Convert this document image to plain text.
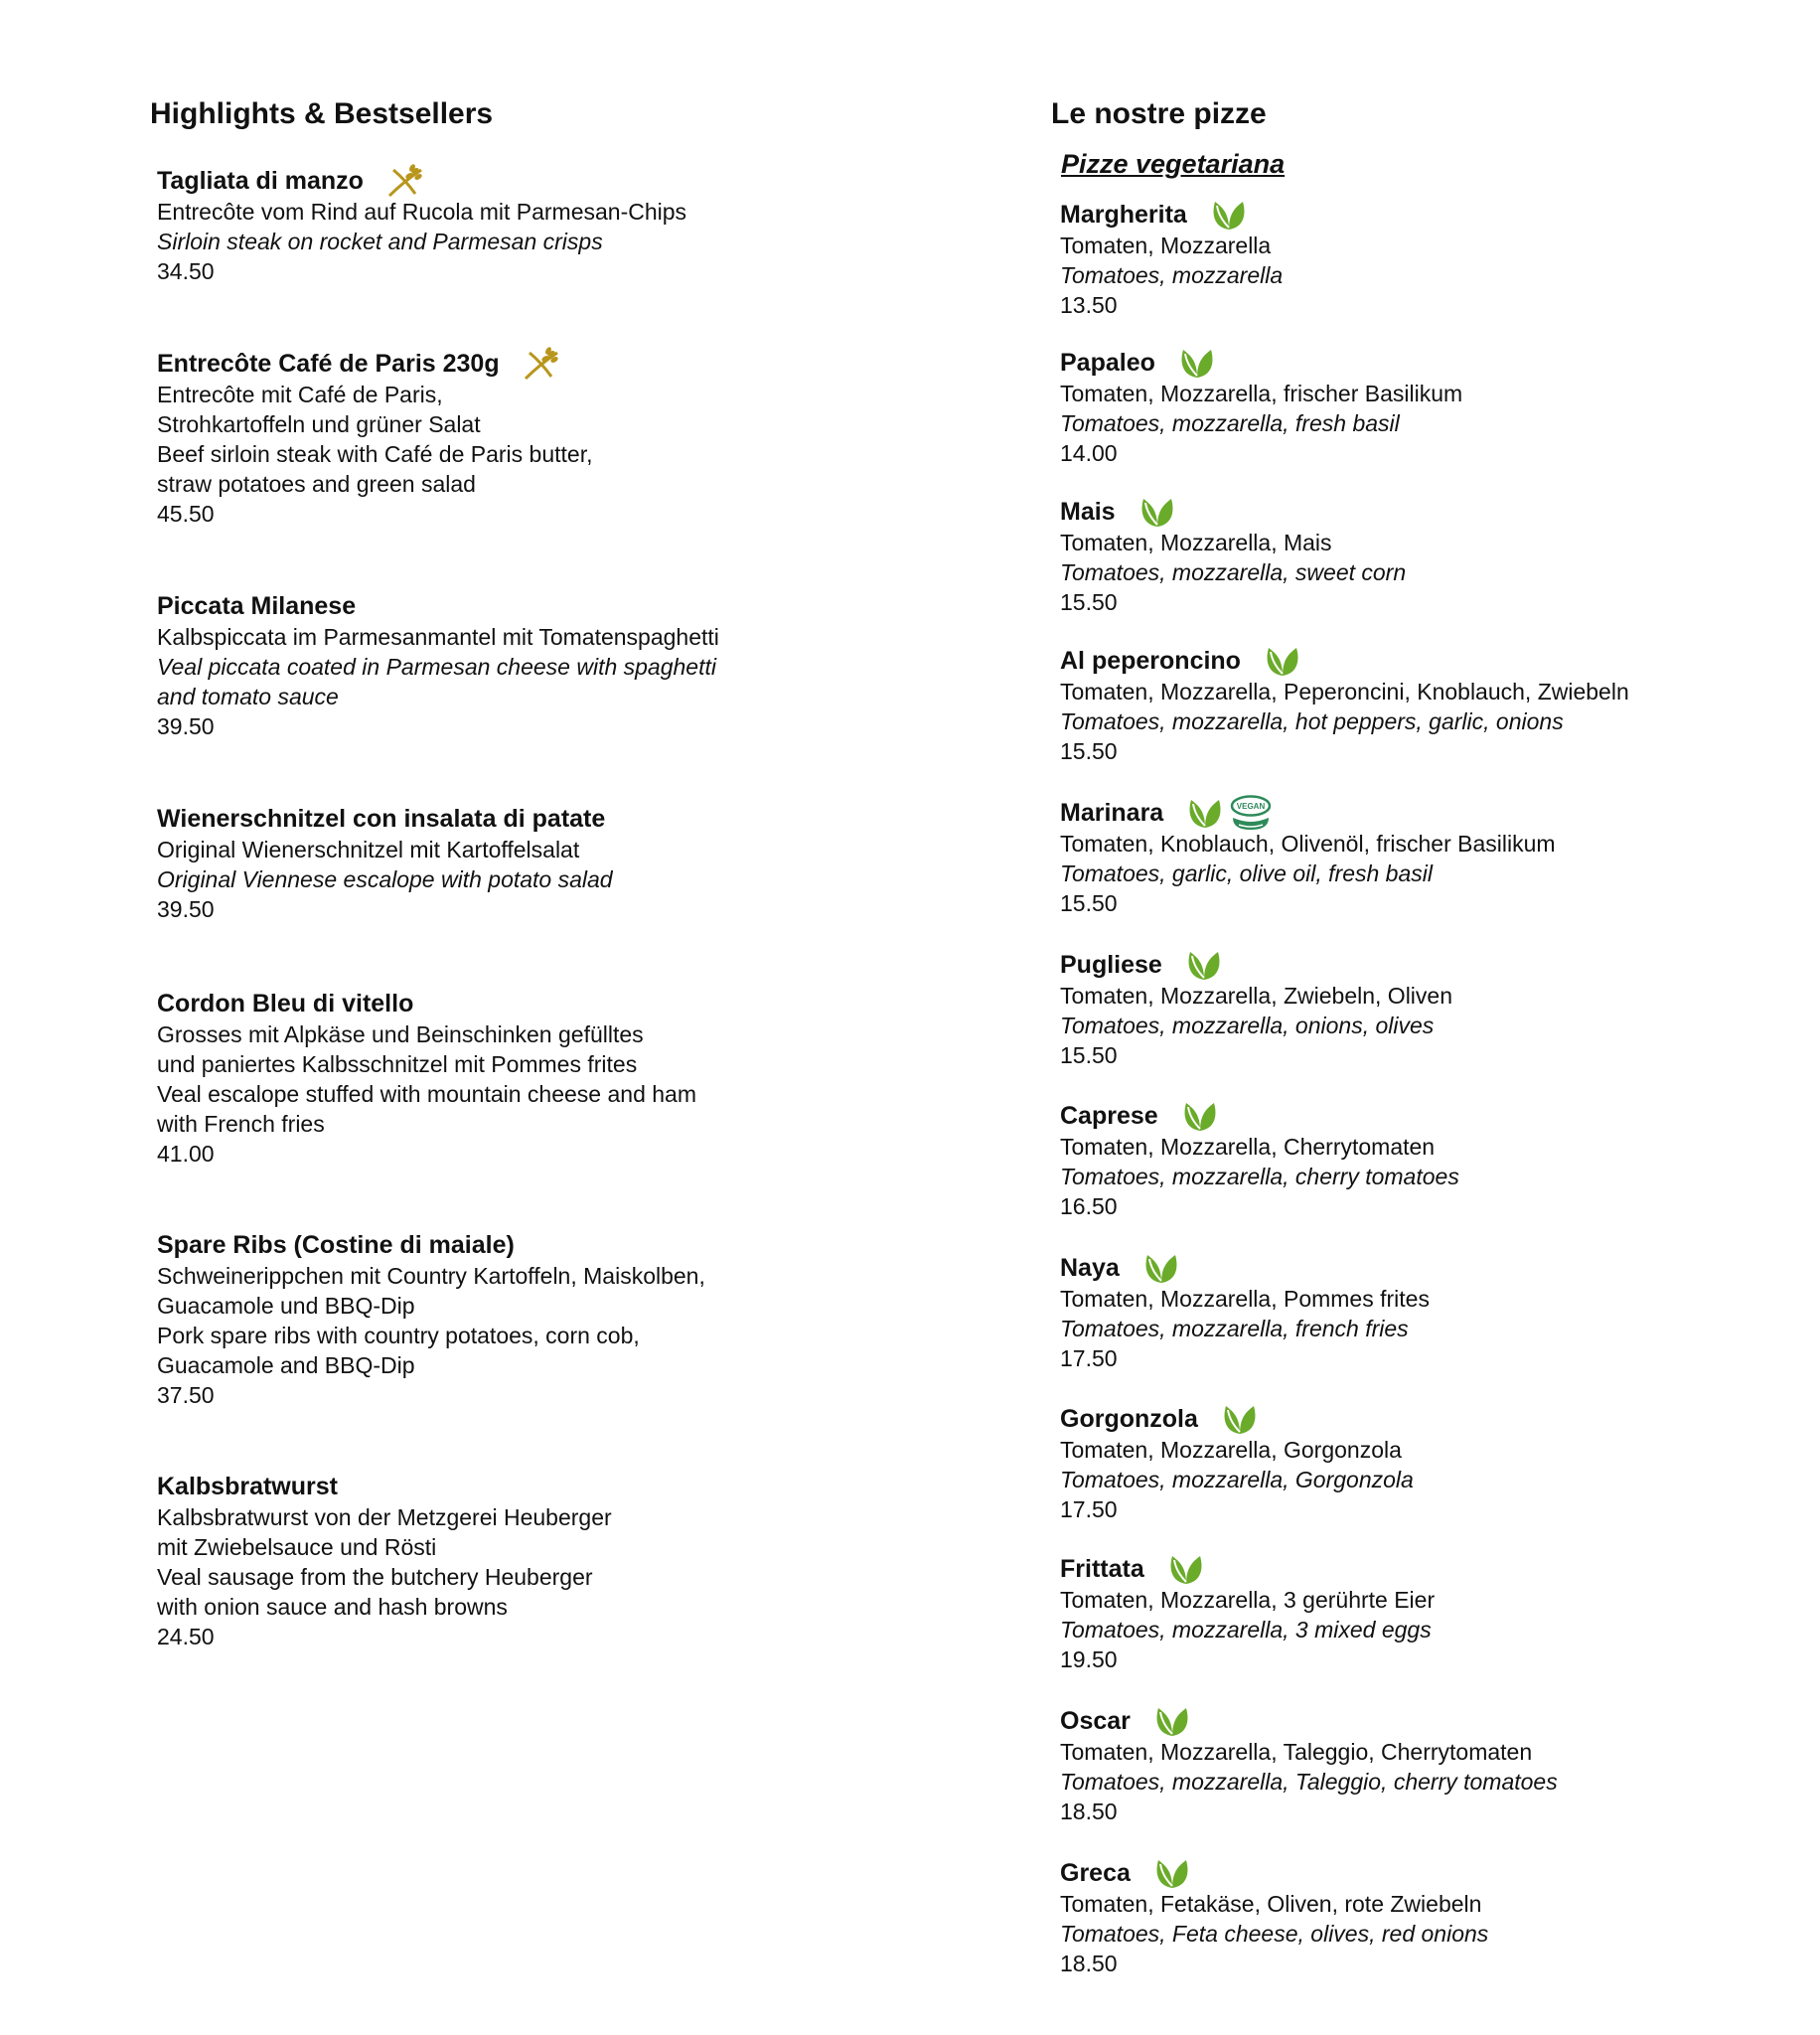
Highlights & Bestsellers	Le nostre pizze
Pizze vegetariana
Tagliata di manzo
Entrecôte vom Rind auf Rucola mit Parmesan-Chips
Sirloin steak on rocket and Parmesan crisps
34.50
Entrecôte Café de Paris 230g
Entrecôte mit Café de Paris,
Strohkartoffeln und grüner Salat
Beef sirloin steak with Café de Paris butter,
straw potatoes and green salad
45.50
Piccata Milanese
Kalbspiccata im Parmesanmantel mit Tomatenspaghetti
Veal piccata coated in Parmesan cheese with spaghetti
and tomato sauce
39.50
Wienerschnitzel con insalata di patate
Original Wienerschnitzel mit Kartoffelsalat
Original Viennese escalope with potato salad
39.50
Cordon Bleu di vitello
Grosses mit Alpkäse und Beinschinken gefülltes
und paniertes Kalbsschnitzel mit Pommes frites
Veal escalope stuffed with mountain cheese and ham
with French fries
41.00
Spare Ribs (Costine di maiale)
Schweinerippchen mit Country Kartoffeln, Maiskolben,
Guacamole und BBQ-Dip
Pork spare ribs with country potatoes, corn cob,
Guacamole and BBQ-Dip
37.50
Kalbsbratwurst
Kalbsbratwurst von der Metzgerei Heuberger
mit Zwiebelsauce und Rösti
Veal sausage from the butchery Heuberger
with onion sauce and hash browns
24.50
Margherita
Tomaten, Mozzarella
Tomatoes, mozzarella
13.50
Papaleo
Tomaten, Mozzarella, frischer Basilikum
Tomatoes, mozzarella, fresh basil
14.00
Mais
Tomaten, Mozzarella, Mais
Tomatoes, mozzarella, sweet corn
15.50
Al peperoncino
Tomaten, Mozzarella, Peperoncini, Knoblauch, Zwiebeln
Tomatoes, mozzarella, hot peppers, garlic, onions
15.50
Marinara	VEGAN
Tomaten, Knoblauch, Olivenöl, frischer Basilikum
Tomatoes, garlic, olive oil, fresh basil
15.50
Pugliese
Tomaten, Mozzarella, Zwiebeln, Oliven
Tomatoes, mozzarella, onions, olives
15.50
Caprese
Tomaten, Mozzarella, Cherrytomaten
Tomatoes, mozzarella, cherry tomatoes
16.50
Naya
Tomaten, Mozzarella, Pommes frites
Tomatoes, mozzarella, french fries
17.50
Gorgonzola
Tomaten, Mozzarella, Gorgonzola
Tomatoes, mozzarella, Gorgonzola
17.50
Frittata
Tomaten, Mozzarella, 3 gerührte Eier
Tomatoes, mozzarella, 3 mixed eggs
19.50
Oscar
Tomaten, Mozzarella, Taleggio, Cherrytomaten
Tomatoes, mozzarella, Taleggio, cherry tomatoes
18.50
Greca
Tomaten, Fetakäse, Oliven, rote Zwiebeln
Tomatoes, Feta cheese, olives, red onions
18.50
